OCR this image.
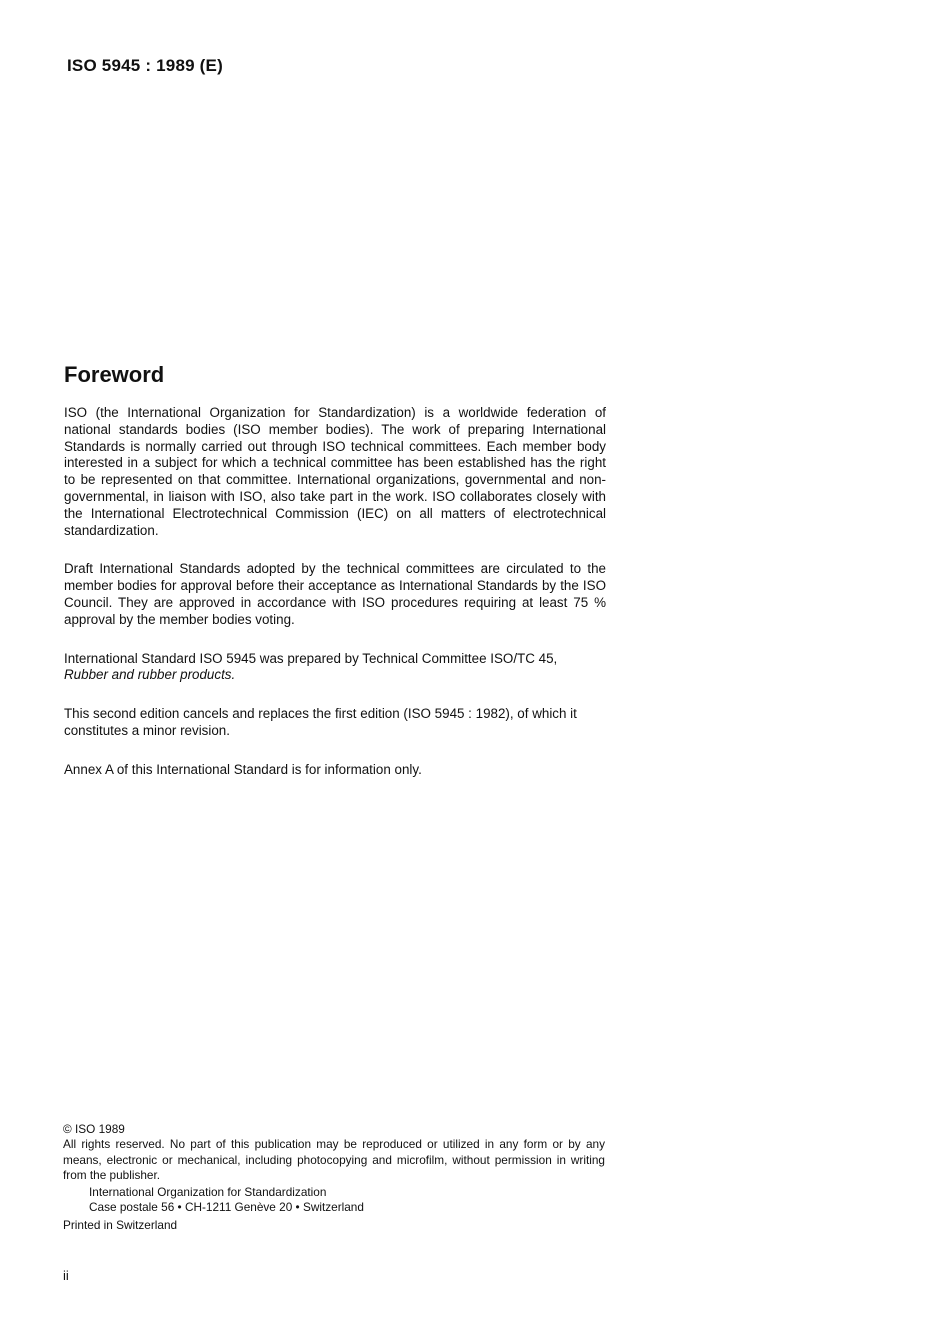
ISO 5945 : 1989 (E)

Foreword

ISO (the International Organization for Standardization) is a worldwide federation of national standards bodies (ISO member bodies). The work of preparing International Standards is normally carried out through ISO technical committees. Each member body interested in a subject for which a technical committee has been established has the right to be represented on that committee. International organizations, governmental and non-governmental, in liaison with ISO, also take part in the work. ISO collaborates closely with the International Electrotechnical Commission (IEC) on all matters of electrotechnical standardization.

Draft International Standards adopted by the technical committees are circulated to the member bodies for approval before their acceptance as International Standards by the ISO Council. They are approved in accordance with ISO procedures requiring at least 75 % approval by the member bodies voting.

International Standard ISO 5945 was prepared by Technical Committee ISO/TC 45,
Rubber and rubber products.

This second edition cancels and replaces the first edition (ISO 5945 : 1982), of which it constitutes a minor revision.

Annex A of this International Standard is for information only.

© ISO 1989

All rights reserved. No part of this publication may be reproduced or utilized in any form or by any means, electronic or mechanical, including photocopying and microfilm, without permission in writing from the publisher.

International Organization for Standardization

Case postale 56 • CH-1211 Genève 20 • Switzerland

Printed in Switzerland

ii
